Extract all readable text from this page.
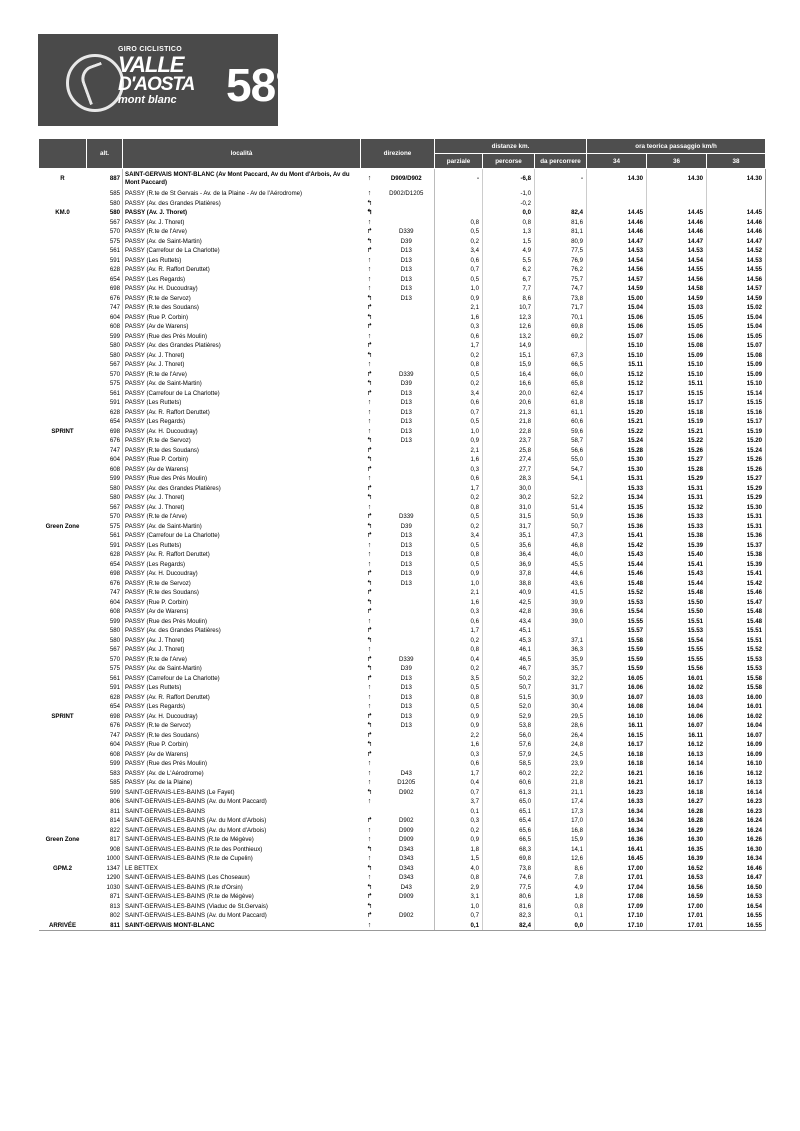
GIRO CICLISTICO
VALLE
D'AOSTA
mont blanc	58°
	alt.	località	direzione		distanze km.			ora teorica passaggio km/h		
					parziale	percorse	da percorrere	34	36	38
R	887	SAINT-GERVAIS MONT-BLANC (Av Mont Paccard, Av du Mont d'Arbois, Av du Mont Paccard)	↑	D909/D902	-	-6,8	-	14.30	14.30	14.30
	585	PASSY (R.te de St Gervais - Av. de la Plaine - Av de l'Aérodrome)	↑	D902/D1205		-1,0				
	580	PASSY (Av. des Grandes Platières)	↰			-0,2				
KM.0	580	PASSY (Av. J. Thoret)	↰			0,0	82,4	14.45	14.45	14.45
	567	PASSY (Av. J. Thoret)	↑		0,8	0,8	81,6	14.46	14.46	14.46
	570	PASSY (R.te de l'Arve)	↱	D339	0,5	1,3	81,1	14.46	14.46	14.46
	575	PASSY (Av. de Saint-Martin)	↰	D39	0,2	1,5	80,9	14.47	14.47	14.47
	561	PASSY (Carrefour de La Charlotte)	↱	D13	3,4	4,9	77,5	14.53	14.53	14.52
	591	PASSY (Les Ruttets)	↑	D13	0,6	5,5	76,9	14.54	14.54	14.53
	628	PASSY (Av. R. Raffort Deruttet)	↑	D13	0,7	6,2	76,2	14.56	14.55	14.55
	654	PASSY (Les Regards)	↑	D13	0,5	6,7	75,7	14.57	14.56	14.56
	698	PASSY (Av. H. Ducoudray)	↑	D13	1,0	7,7	74,7	14.59	14.58	14.57
	676	PASSY (R.te de Servoz)	↰	D13	0,9	8,6	73,8	15.00	14.59	14.59
	747	PASSY (R.te des Soudans)	↱		2,1	10,7	71,7	15.04	15.03	15.02
	604	PASSY (Rue P. Corbin)	↰		1,6	12,3	70,1	15.06	15.05	15.04
	608	PASSY (Av de Warens)	↱		0,3	12,6	69,8	15.06	15.05	15.04
	599	PASSY (Rue des Prés Moulin)	↑		0,6	13,2	69,2	15.07	15.06	15.05
	580	PASSY (Av. des Grandes Platières)	↱		1,7	14,9		15.10	15.08	15.07
	580	PASSY (Av. J. Thoret)	↰		0,2	15,1	67,3	15.10	15.09	15.08
	567	PASSY (Av. J. Thoret)	↑		0,8	15,9	66,5	15.11	15.10	15.09
	570	PASSY (R.te de l'Arve)	↱	D339	0,5	16,4	66,0	15.12	15.10	15.09
	575	PASSY (Av. de Saint-Martin)	↰	D39	0,2	16,6	65,8	15.12	15.11	15.10
	561	PASSY (Carrefour de La Charlotte)	↱	D13	3,4	20,0	62,4	15.17	15.15	15.14
	591	PASSY (Les Ruttets)	↑	D13	0,6	20,6	61,8	15.18	15.17	15.15
	628	PASSY (Av. R. Raffort Deruttet)	↑	D13	0,7	21,3	61,1	15.20	15.18	15.16
	654	PASSY (Les Regards)	↑	D13	0,5	21,8	60,6	15.21	15.19	15.17
SPRINT	698	PASSY (Av. H. Ducoudray)	↑	D13	1,0	22,8	59,6	15.22	15.21	15.19
	676	PASSY (R.te de Servoz)	↰	D13	0,9	23,7	58,7	15.24	15.22	15.20
	747	PASSY (R.te des Soudans)	↱		2,1	25,8	56,6	15.28	15.26	15.24
	604	PASSY (Rue P. Corbin)	↰		1,6	27,4	55,0	15.30	15.27	15.26
	608	PASSY (Av de Warens)	↱		0,3	27,7	54,7	15.30	15.28	15.26
	599	PASSY (Rue des Prés Moulin)	↑		0,6	28,3	54,1	15.31	15.29	15.27
	580	PASSY (Av. des Grandes Platières)	↱		1,7	30,0		15.33	15.31	15.29
	580	PASSY (Av. J. Thoret)	↰		0,2	30,2	52,2	15.34	15.31	15.29
	567	PASSY (Av. J. Thoret)	↑		0,8	31,0	51,4	15.35	15.32	15.30
	570	PASSY (R.te de l'Arve)	↱	D339	0,5	31,5	50,9	15.36	15.33	15.31
Green Zone	575	PASSY (Av. de Saint-Martin)	↰	D39	0,2	31,7	50,7	15.36	15.33	15.31
	561	PASSY (Carrefour de La Charlotte)	↱	D13	3,4	35,1	47,3	15.41	15.38	15.36
	591	PASSY (Les Ruttets)	↑	D13	0,5	35,6	46,8	15.42	15.39	15.37
	628	PASSY (Av. R. Raffort Deruttet)	↑	D13	0,8	36,4	46,0	15.43	15.40	15.38
	654	PASSY (Les Regards)	↑	D13	0,5	36,9	45,5	15.44	15.41	15.39
	698	PASSY (Av. H. Ducoudray)	↱	D13	0,9	37,8	44,6	15.46	15.43	15.41
	676	PASSY (R.te de Servoz)	↰	D13	1,0	38,8	43,6	15.48	15.44	15.42
	747	PASSY (R.te des Soudans)	↱		2,1	40,9	41,5	15.52	15.48	15.46
	604	PASSY (Rue P. Corbin)	↰		1,6	42,5	39,9	15.53	15.50	15.47
	608	PASSY (Av de Warens)	↱		0,3	42,8	39,6	15.54	15.50	15.48
	599	PASSY (Rue des Prés Moulin)	↑		0,6	43,4	39,0	15.55	15.51	15.48
	580	PASSY (Av. des Grandes Platières)	↱		1,7	45,1		15.57	15.53	15.51
	580	PASSY (Av. J. Thoret)	↰		0,2	45,3	37,1	15.58	15.54	15.51
	567	PASSY (Av. J. Thoret)	↑		0,8	46,1	36,3	15.59	15.55	15.52
	570	PASSY (R.te de l'Arve)	↱	D339	0,4	46,5	35,9	15.59	15.55	15.53
	575	PASSY (Av. de Saint-Martin)	↰	D39	0,2	46,7	35,7	15.59	15.56	15.53
	561	PASSY (Carrefour de La Charlotte)	↱	D13	3,5	50,2	32,2	16.05	16.01	15.58
	591	PASSY (Les Ruttets)	↑	D13	0,5	50,7	31,7	16.06	16.02	15.58
	628	PASSY (Av. R. Raffort Deruttet)	↑	D13	0,8	51,5	30,9	16.07	16.03	16.00
	654	PASSY (Les Regards)	↑	D13	0,5	52,0	30,4	16.08	16.04	16.01
SPRINT	698	PASSY (Av. H. Ducoudray)	↱	D13	0,9	52,9	29,5	16.10	16.06	16.02
	676	PASSY (R.te de Servoz)	↰	D13	0,9	53,8	28,6	16.11	16.07	16.04
	747	PASSY (R.te des Soudans)	↱		2,2	56,0	26,4	16.15	16.11	16.07
	604	PASSY (Rue P. Corbin)	↰		1,6	57,6	24,8	16.17	16.12	16.09
	608	PASSY (Av de Warens)	↱		0,3	57,9	24,5	16.18	16.13	16.09
	599	PASSY (Rue des Prés Moulin)	↑		0,6	58,5	23,9	16.18	16.14	16.10
	583	PASSY (Av. de L'Aérodrome)	↑	D43	1,7	60,2	22,2	16.21	16.16	16.12
	585	PASSY (Av. de la Plaine)	↑	D1205	0,4	60,6	21,8	16.21	16.17	16.13
	599	SAINT-GERVAIS-LES-BAINS (Le Fayet)	↰	D902	0,7	61,3	21,1	16.23	16.18	16.14
	806	SAINT-GERVAIS-LES-BAINS (Av. du Mont Paccard)	↑		3,7	65,0	17,4	16.33	16.27	16.23
	811	SAINT-GERVAIS-LES-BAINS			0,1	65,1	17,3	16.34	16.28	16.23
	814	SAINT-GERVAIS-LES-BAINS (Av. du Mont d'Arbois)	↱	D902	0,3	65,4	17,0	16.34	16.28	16.24
	822	SAINT-GERVAIS-LES-BAINS (Av. du Mont d'Arbois)	↑	D909	0,2	65,6	16,8	16.34	16.29	16.24
Green Zone	817	SAINT-GERVAIS-LES-BAINS (R.te de Mégève)	↑	D909	0,9	66,5	15,9	16.36	16.30	16.26
	908	SAINT-GERVAIS-LES-BAINS (R.te des Ponthieux)	↰	D343	1,8	68,3	14,1	16.41	16.35	16.30
	1000	SAINT-GERVAIS-LES-BAINS (R.te de Cupelin)	↑	D343	1,5	69,8	12,6	16.45	16.39	16.34
GPM.2	1347	LE BETTEX	↰	D343	4,0	73,8	8,6	17.00	16.52	16.46
	1290	SAINT-GERVAIS-LES-BAINS (Les Choseaux)	↑	D343	0,8	74,6	7,8	17.01	16.53	16.47
	1030	SAINT-GERVAIS-LES-BAINS (R.te d'Orsin)	↰	D43	2,9	77,5	4,9	17.04	16.56	16.50
	871	SAINT-GERVAIS-LES-BAINS (R.te de Mégève)	↱	D909	3,1	80,6	1,8	17.08	16.59	16.53
	813	SAINT-GERVAIS-LES-BAINS (Viaduc de St.Gervais)	↰		1,0	81,6	0,8	17.09	17.00	16.54
	802	SAINT-GERVAIS-LES-BAINS (Av. du Mont Paccard)	↱	D902	0,7	82,3	0,1	17.10	17.01	16.55
ARRIVÉE	811	SAINT-GERVAIS MONT-BLANC	↑		0,1	82,4	0,0	17.10	17.01	16.55
